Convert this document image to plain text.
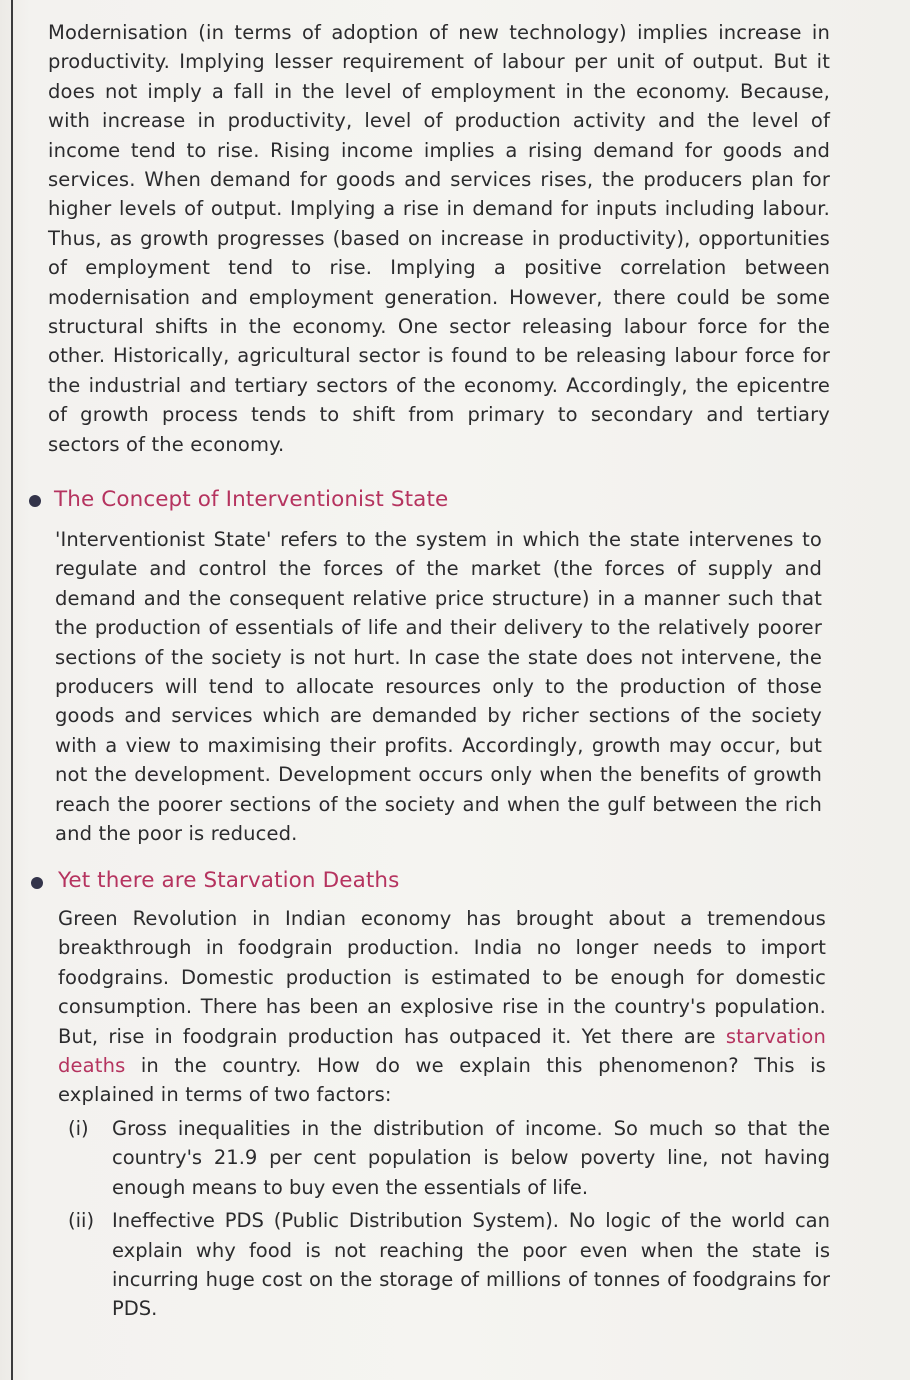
Modernisation (in terms of adoption of new technology) implies increase in productivity. Implying lesser requirement of labour per unit of output. But it does not imply a fall in the level of employment in the economy. Because, with increase in productivity, level of production activity and the level of income tend to rise. Rising income implies a rising demand for goods and services. When demand for goods and services rises, the producers plan for higher levels of output. Implying a rise in demand for inputs including labour. Thus, as growth progresses (based on increase in productivity), opportunities of employment tend to rise. Implying a positive correlation between modernisation and employment generation. However, there could be some structural shifts in the economy. One sector releasing labour force for the other. Historically, agricultural sector is found to be releasing labour force for the industrial and tertiary sectors of the economy. Accordingly, the epicentre of growth process tends to shift from primary to secondary and tertiary sectors of the economy.

The Concept of Interventionist State

'Interventionist State' refers to the system in which the state intervenes to regulate and control the forces of the market (the forces of supply and demand and the consequent relative price structure) in a manner such that the production of essentials of life and their delivery to the relatively poorer sections of the society is not hurt. In case the state does not intervene, the producers will tend to allocate resources only to the production of those goods and services which are demanded by richer sections of the society with a view to maximising their profits. Accordingly, growth may occur, but not the development. Development occurs only when the benefits of growth reach the poorer sections of the society and when the gulf between the rich and the poor is reduced.

Yet there are Starvation Deaths

Green Revolution in Indian economy has brought about a tremendous breakthrough in foodgrain production. India no longer needs to import foodgrains. Domestic production is estimated to be enough for domestic consumption. There has been an explosive rise in the country's population. But, rise in foodgrain production has outpaced it. Yet there are starvation deaths in the country. How do we explain this phenomenon? This is explained in terms of two factors:

(i) Gross inequalities in the distribution of income. So much so that the country's 21.9 per cent population is below poverty line, not having enough means to buy even the essentials of life.
(ii) Ineffective PDS (Public Distribution System). No logic of the world can explain why food is not reaching the poor even when the state is incurring huge cost on the storage of millions of tonnes of foodgrains for PDS.
